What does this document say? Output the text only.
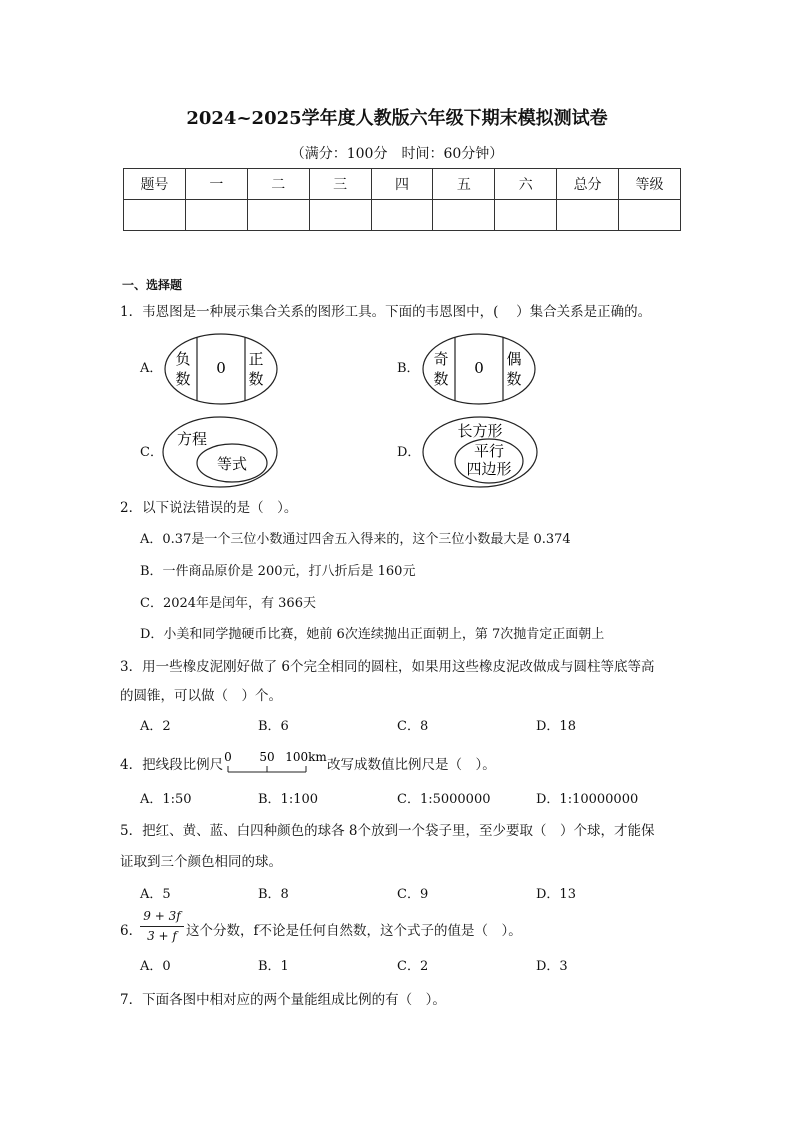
2024~2025学年度人教版六年级下期末模拟测试卷
（满分：100分　时间：60分钟）
题号	一	二	三	四	五	六	总分	等级

一、选择题
1．韦恩图是一种展示集合关系的图形工具。下面的韦恩图中，(　 ）集合关系是正确的。
A．
负
数
0 正
数
B．
奇
数
0 偶
数
C．
方程
等式
D．
长方形
平行
四边形
2．以下说法错误的是（　）。
A．0.37是一个三位小数通过四舍五入得来的，这个三位小数最大是 0.374
B．一件商品原价是 200元，打八折后是 160元
C．2024年是闰年，有 366天
D．小美和同学抛硬币比赛，她前 6次连续抛出正面朝上，第 7次抛肯定正面朝上
3．用一些橡皮泥刚好做了 6个完全相同的圆柱，如果用这些橡皮泥改做成与圆柱等底等高
的圆锥，可以做（　）个。
A．2	B．6	C．8	D．18
4．把线段比例尺 0 50 100km 改写成数值比例尺是（　）。
A．1:50	B．1:100	C．1:5000000	D．1:10000000
5．把红、黄、蓝、白四种颜色的球各 8个放到一个袋子里，至少要取（　）个球，才能保
证取到三个颜色相同的球。
A．5	B．8	C．9	D．13
6．
9 + 3f
3 + f 这个分数，f不论是任何自然数，这个式子的值是（　）。
A．0	B．1	C．2	D．3
7．下面各图中相对应的两个量能组成比例的有（　）。
